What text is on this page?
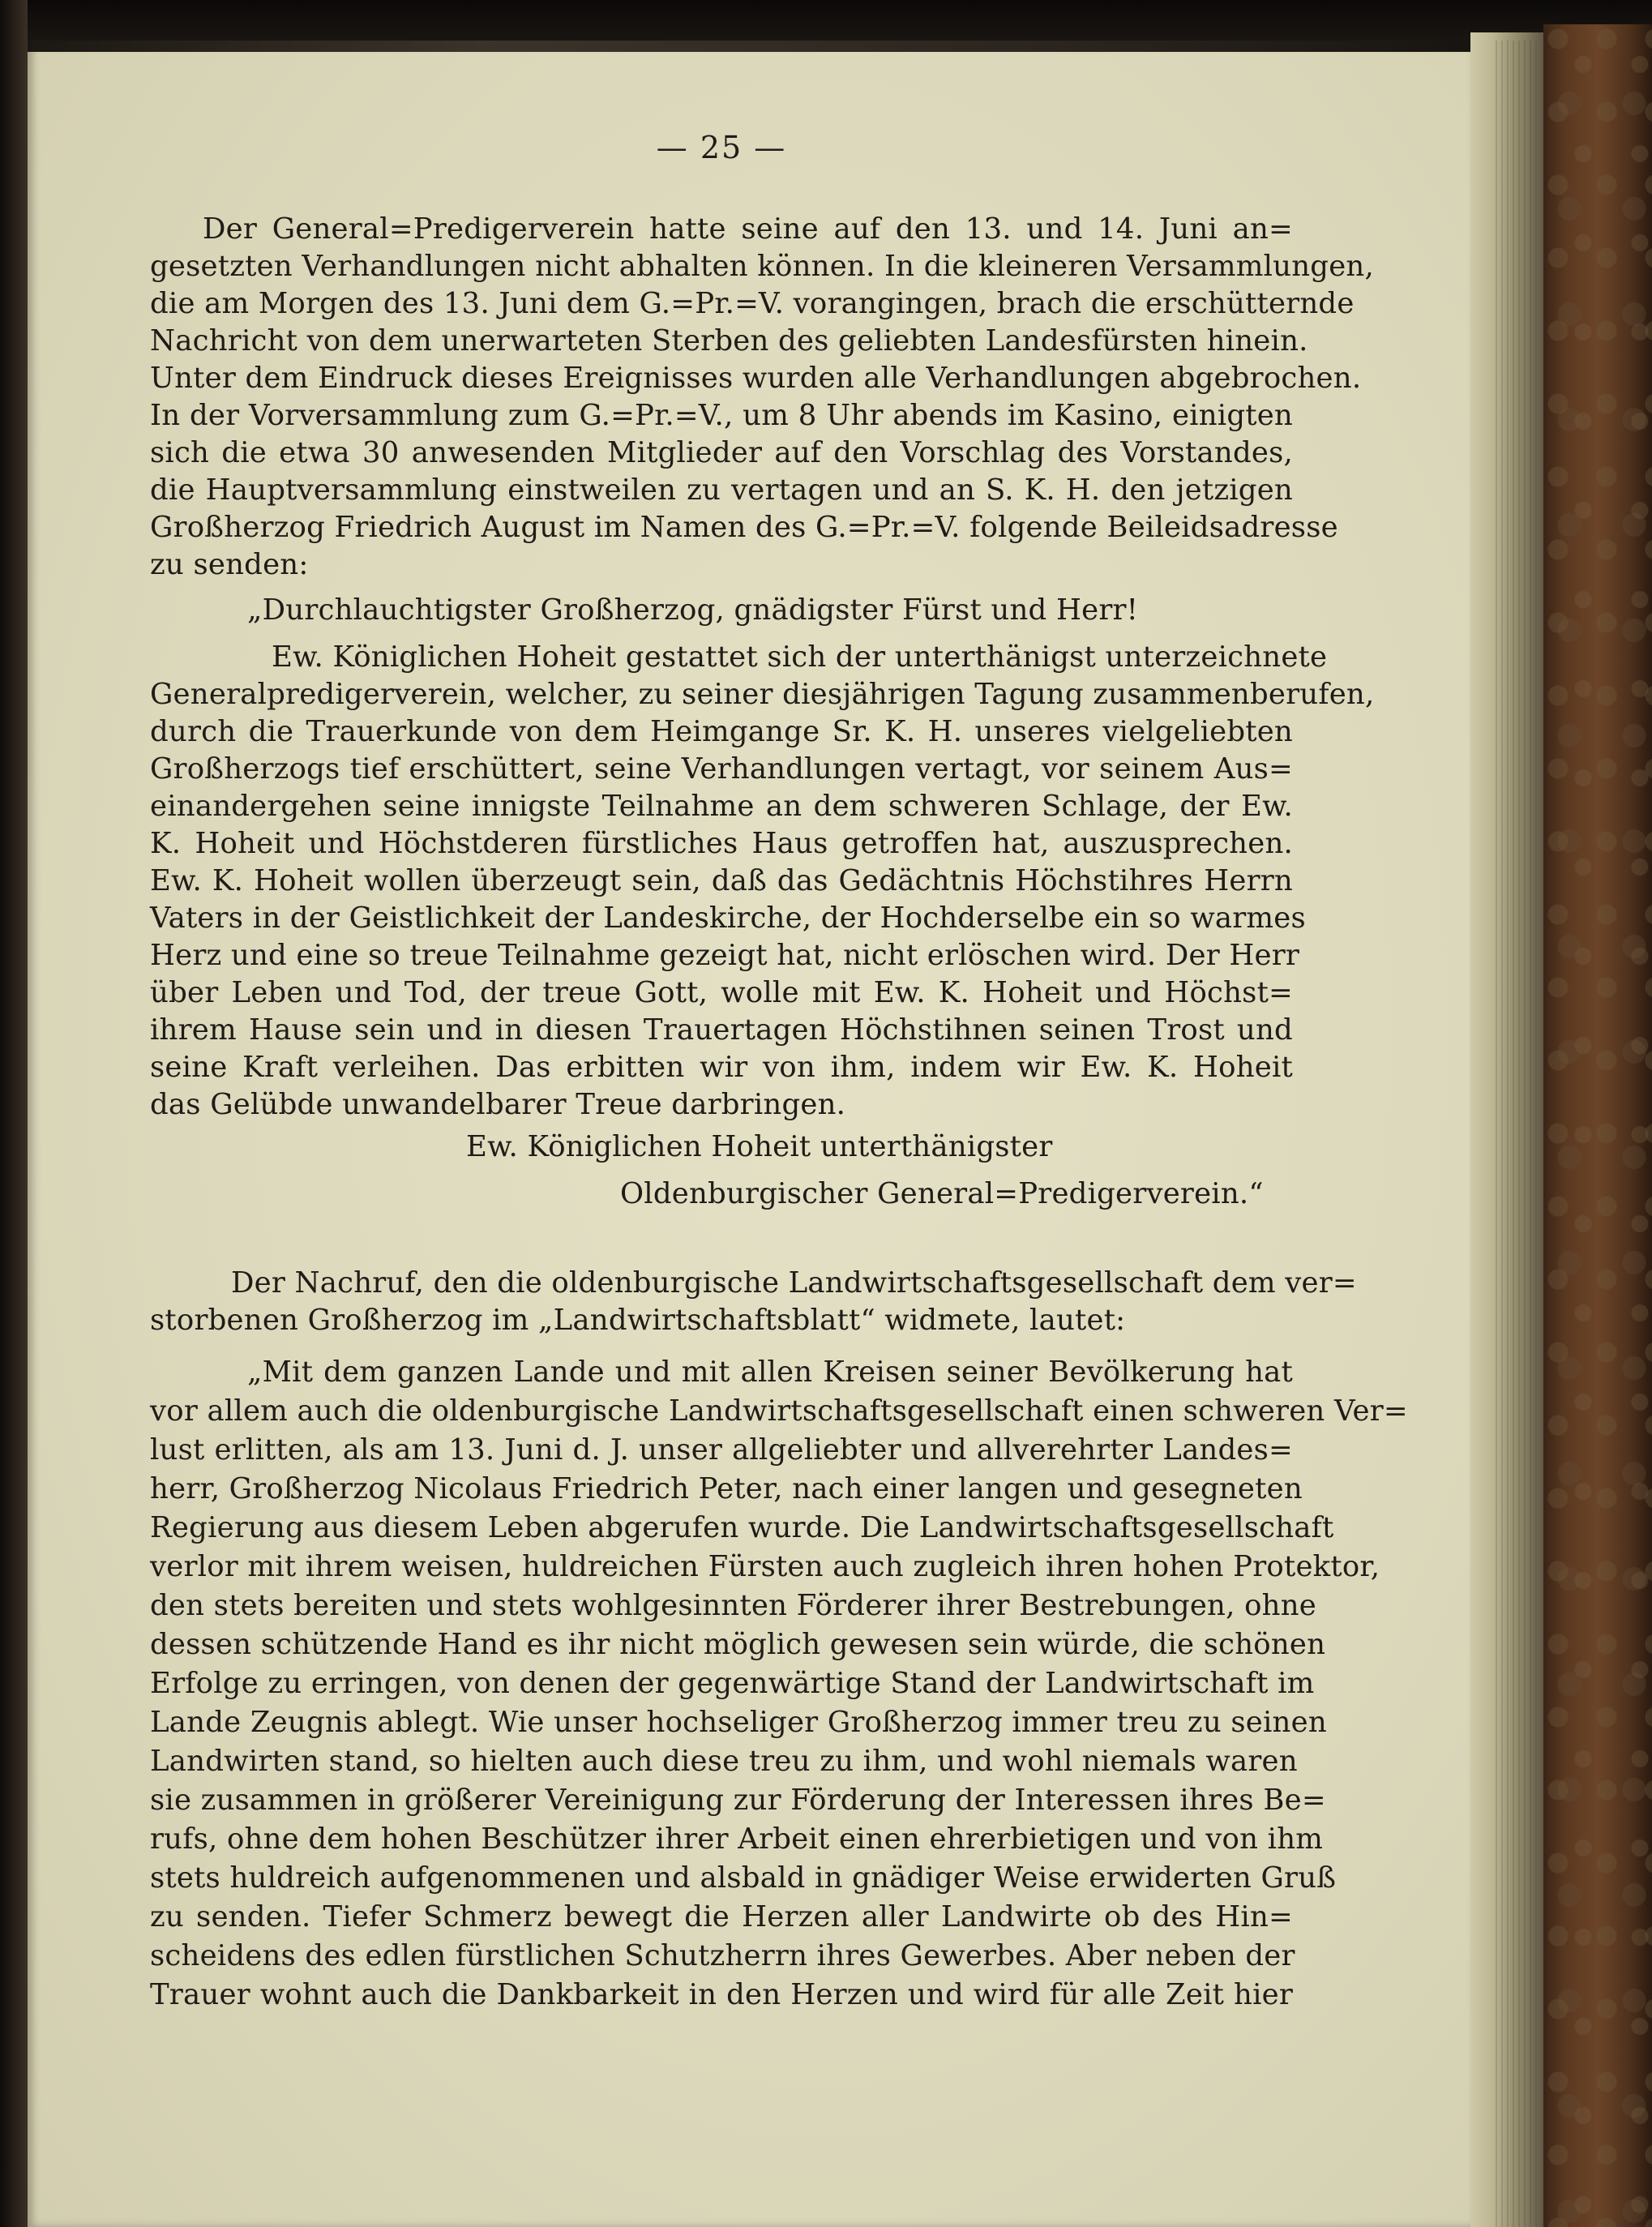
— 25 —
Der General=Predigerverein hatte seine auf den 13. und 14. Juni an=
gesetzten Verhandlungen nicht abhalten können. In die kleineren Versammlungen,
die am Morgen des 13. Juni dem G.=Pr.=V. vorangingen, brach die erschütternde
Nachricht von dem unerwarteten Sterben des geliebten Landesfürsten hinein.
Unter dem Eindruck dieses Ereignisses wurden alle Verhandlungen abgebrochen.
In der Vorversammlung zum G.=Pr.=V., um 8 Uhr abends im Kasino, einigten
sich die etwa 30 anwesenden Mitglieder auf den Vorschlag des Vorstandes,
die Hauptversammlung einstweilen zu vertagen und an S. K. H. den jetzigen
Großherzog Friedrich August im Namen des G.=Pr.=V. folgende Beileidsadresse
zu senden:
„Durchlauchtigster Großherzog, gnädigster Fürst und Herr!
Ew. Königlichen Hoheit gestattet sich der unterthänigst unterzeichnete
Generalpredigerverein, welcher, zu seiner diesjährigen Tagung zusammenberufen,
durch die Trauerkunde von dem Heimgange Sr. K. H. unseres vielgeliebten
Großherzogs tief erschüttert, seine Verhandlungen vertagt, vor seinem Aus=
einandergehen seine innigste Teilnahme an dem schweren Schlage, der Ew.
K. Hoheit und Höchstderen fürstliches Haus getroffen hat, auszusprechen.
Ew. K. Hoheit wollen überzeugt sein, daß das Gedächtnis Höchstihres Herrn
Vaters in der Geistlichkeit der Landeskirche, der Hochderselbe ein so warmes
Herz und eine so treue Teilnahme gezeigt hat, nicht erlöschen wird. Der Herr
über Leben und Tod, der treue Gott, wolle mit Ew. K. Hoheit und Höchst=
ihrem Hause sein und in diesen Trauertagen Höchstihnen seinen Trost und
seine Kraft verleihen. Das erbitten wir von ihm, indem wir Ew. K. Hoheit
das Gelübde unwandelbarer Treue darbringen.
Ew. Königlichen Hoheit unterthänigster
Oldenburgischer General=Predigerverein.“
Der Nachruf, den die oldenburgische Landwirtschaftsgesellschaft dem ver=
storbenen Großherzog im „Landwirtschaftsblatt“ widmete, lautet:
„Mit dem ganzen Lande und mit allen Kreisen seiner Bevölkerung hat
vor allem auch die oldenburgische Landwirtschaftsgesellschaft einen schweren Ver=
lust erlitten, als am 13. Juni d. J. unser allgeliebter und allverehrter Landes=
herr, Großherzog Nicolaus Friedrich Peter, nach einer langen und gesegneten
Regierung aus diesem Leben abgerufen wurde. Die Landwirtschaftsgesellschaft
verlor mit ihrem weisen, huldreichen Fürsten auch zugleich ihren hohen Protektor,
den stets bereiten und stets wohlgesinnten Förderer ihrer Bestrebungen, ohne
dessen schützende Hand es ihr nicht möglich gewesen sein würde, die schönen
Erfolge zu erringen, von denen der gegenwärtige Stand der Landwirtschaft im
Lande Zeugnis ablegt. Wie unser hochseliger Großherzog immer treu zu seinen
Landwirten stand, so hielten auch diese treu zu ihm, und wohl niemals waren
sie zusammen in größerer Vereinigung zur Förderung der Interessen ihres Be=
rufs, ohne dem hohen Beschützer ihrer Arbeit einen ehrerbietigen und von ihm
stets huldreich aufgenommenen und alsbald in gnädiger Weise erwiderten Gruß
zu senden. Tiefer Schmerz bewegt die Herzen aller Landwirte ob des Hin=
scheidens des edlen fürstlichen Schutzherrn ihres Gewerbes. Aber neben der
Trauer wohnt auch die Dankbarkeit in den Herzen und wird für alle Zeit hier
